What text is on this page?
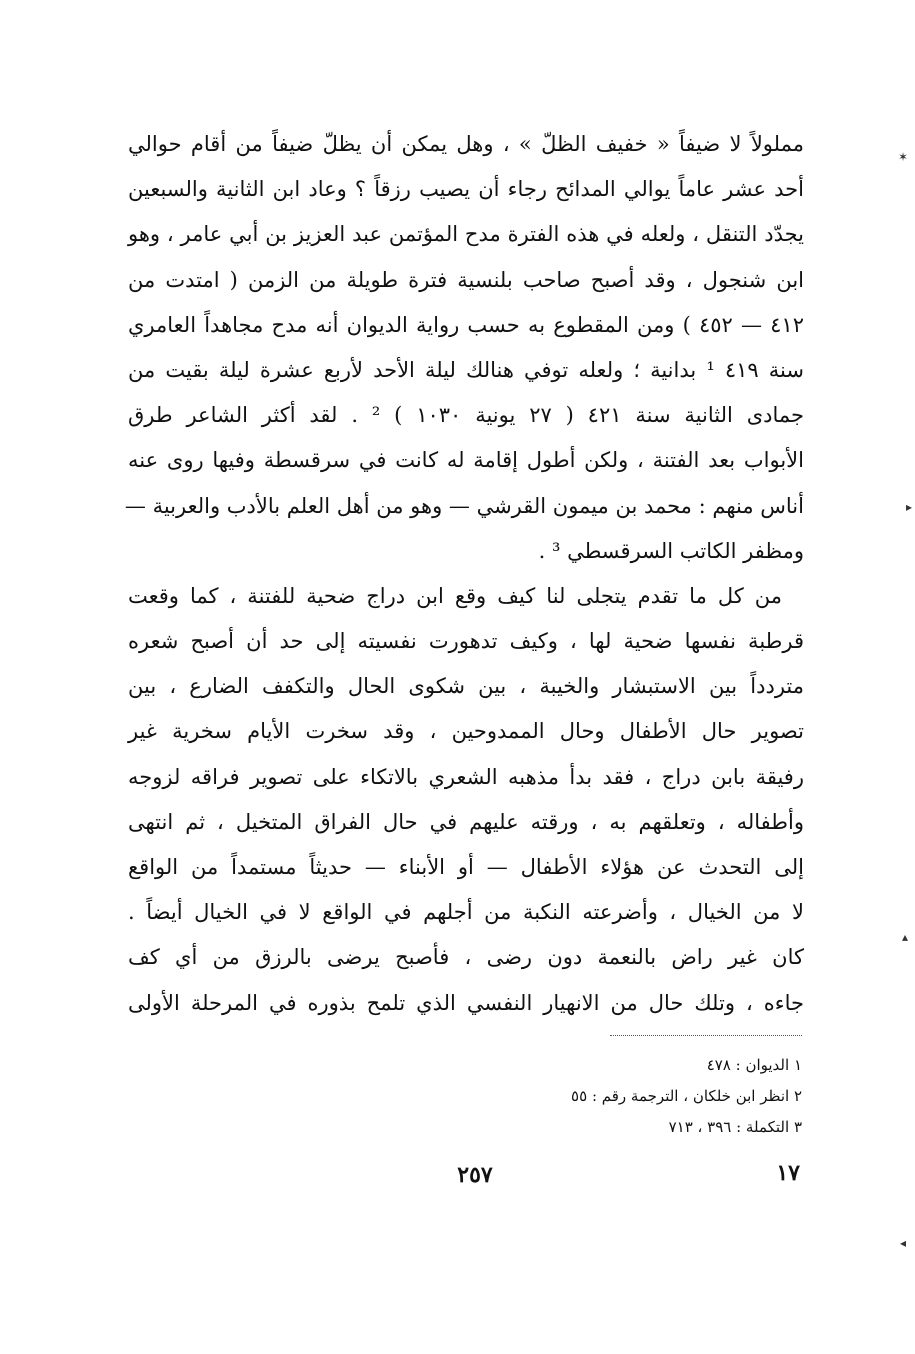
مملولاً لا ضيفاً « خفيف الظلّ » ، وهل يمكن أن يظلّ ضيفاً من أقام حوالي
أحد عشر عاماً يوالي المدائح رجاء أن يصيب رزقاً ؟ وعاد ابن الثانية والسبعين
يجدّد التنقل ، ولعله في هذه الفترة مدح المؤتمن عبد العزيز بن أبي عامر ، وهو
ابن شنجول ، وقد أصبح صاحب بلنسية فترة طويلة من الزمن ( امتدت من
٤١٢ — ٤٥٢ ) ومن المقطوع به حسب رواية الديوان أنه مدح مجاهداً العامري
سنة ٤١٩ ¹ بدانية ؛ ولعله توفي هنالك ليلة الأحد لأربع عشرة ليلة بقيت من
جمادى الثانية سنة ٤٢١ ( ٢٧ يونية ١٠٣٠ ) ² . لقد أكثر الشاعر طرق
الأبواب بعد الفتنة ، ولكن أطول إقامة له كانت في سرقسطة وفيها روى عنه
أناس منهم : محمد بن ميمون القرشي — وهو من أهل العلم بالأدب والعربية —
ومظفر الكاتب السرقسطي ³ .
من كل ما تقدم يتجلى لنا كيف وقع ابن دراج ضحية للفتنة ، كما وقعت
قرطبة نفسها ضحية لها ، وكيف تدهورت نفسيته إلى حد أن أصبح شعره
متردداً بين الاستبشار والخيبة ، بين شكوى الحال والتكفف الضارع ، بين
تصوير حال الأطفال وحال الممدوحين ، وقد سخرت الأيام سخرية غير
رفيقة بابن دراج ، فقد بدأ مذهبه الشعري بالاتكاء على تصوير فراقه لزوجه
وأطفاله ، وتعلقهم به ، ورقته عليهم في حال الفراق المتخيل ، ثم انتهى
إلى التحدث عن هؤلاء الأطفال — أو الأبناء — حديثاً مستمداً من الواقع
لا من الخيال ، وأضرعته النكبة من أجلهم في الواقع لا في الخيال أيضاً .
كان غير راض بالنعمة دون رضى ، فأصبح يرضى بالرزق من أي كف
جاءه ، وتلك حال من الانهيار النفسي الذي تلمح بذوره في المرحلة الأولى
١ الديوان : ٤٧٨
٢ انظر ابن خلكان ، الترجمة رقم : ٥٥
٣ التكملة : ٣٩٦ ، ٧١٣
٢٥٧	١٧
✶
▸
▴
◂
